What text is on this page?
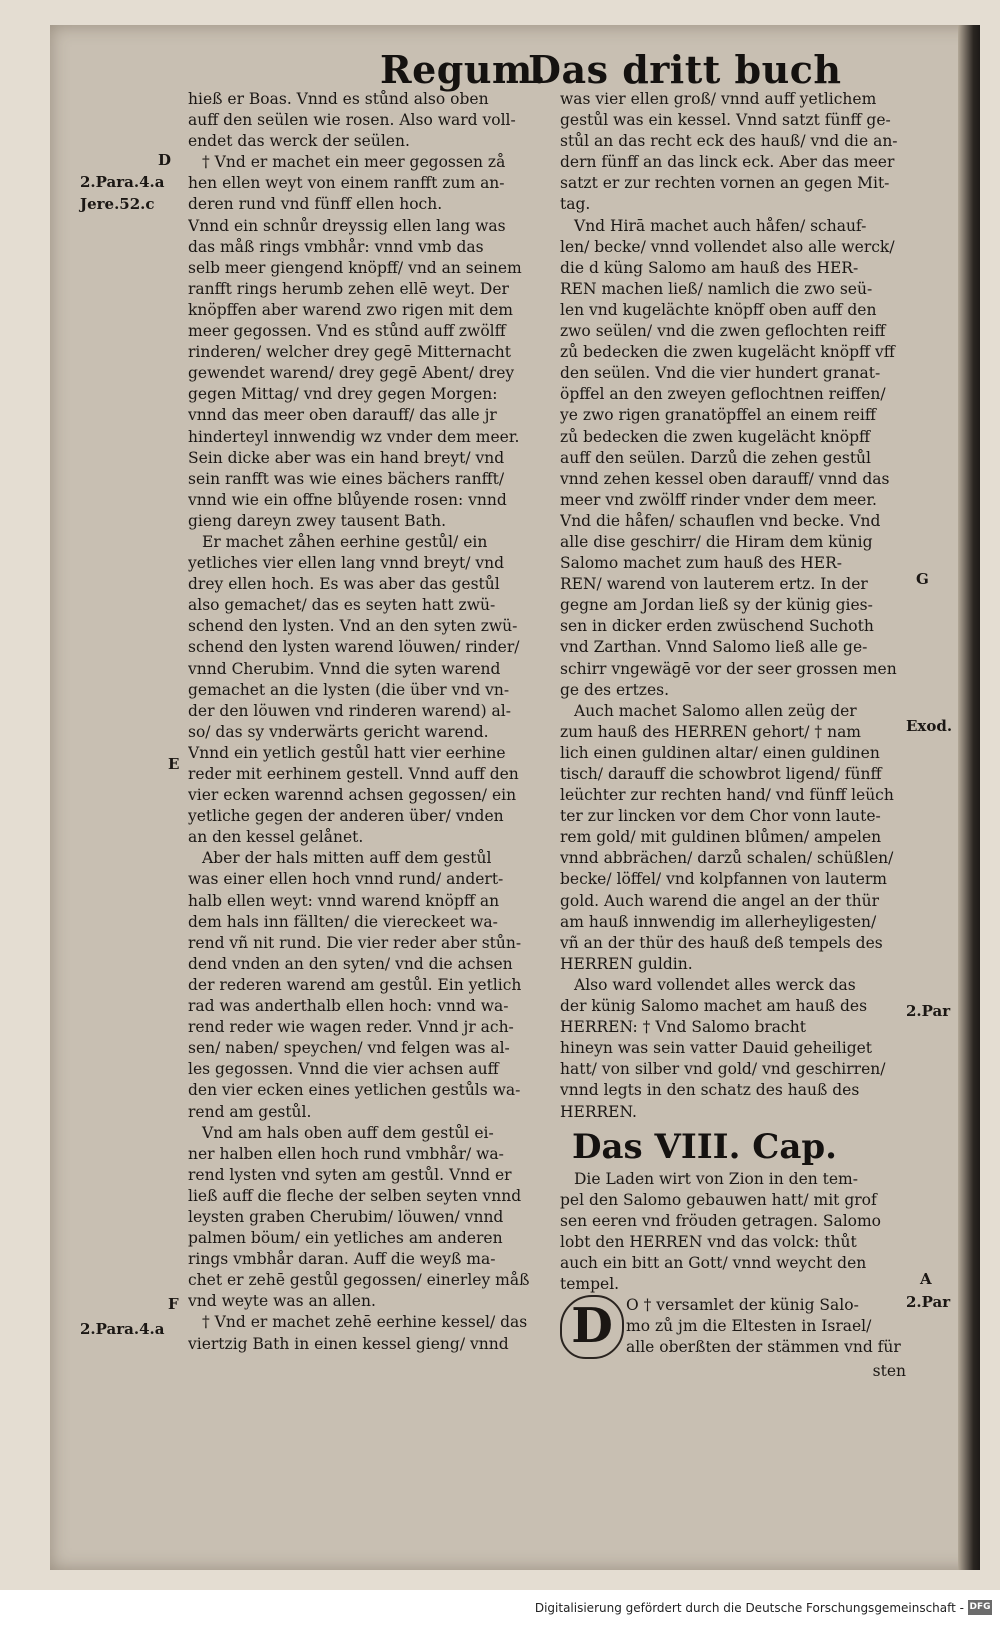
Regum.
Das dritt buch
D
2.Para.4.a
Jere.52.c
E
F
2.Para.4.a
G
Exod.
2.Par
A
2.Par
hieß er Boas. Vnnd es stůnd also oben
auff den seülen wie rosen. Also ward voll-
endet das werck der seülen.
† Vnd er machet ein meer gegossen zå
hen ellen weyt von einem ranfft zum an-
deren rund vnd fünff ellen hoch.
Vnnd ein schnůr dreyssig ellen lang was
das måß rings vmbhår: vnnd vmb das
selb meer giengend knöpff/ vnd an seinem
ranfft rings herumb zehen ellē weyt. Der
knöpffen aber warend zwo rigen mit dem
meer gegossen. Vnd es stůnd auff zwölff
rinderen/ welcher drey gegē Mitternacht
gewendet warend/ drey gegē Abent/ drey
gegen Mittag/ vnd drey gegen Morgen:
vnnd das meer oben darauff/ das alle jr
hinderteyl innwendig wz vnder dem meer.
Sein dicke aber was ein hand breyt/ vnd
sein ranfft was wie eines bächers ranfft/
vnnd wie ein offne blůyende rosen: vnnd
gieng dareyn zwey tausent Bath.
Er machet zåhen eerhine gestůl/ ein
yetliches vier ellen lang vnnd breyt/ vnd
drey ellen hoch. Es was aber das gestůl
also gemachet/ das es seyten hatt zwü-
schend den lysten. Vnd an den syten zwü-
schend den lysten warend löuwen/ rinder/
vnnd Cherubim. Vnnd die syten warend
gemachet an die lysten (die über vnd vn-
der den löuwen vnd rinderen warend) al-
so/ das sy vnderwärts gericht warend.
Vnnd ein yetlich gestůl hatt vier eerhine
reder mit eerhinem gestell. Vnnd auff den
vier ecken warennd achsen gegossen/ ein
yetliche gegen der anderen über/ vnden
an den kessel gelånet.
Aber der hals mitten auff dem gestůl
was einer ellen hoch vnnd rund/ andert-
halb ellen weyt: vnnd warend knöpff an
dem hals inn fällten/ die viereckeet wa-
rend vñ nit rund. Die vier reder aber stůn-
dend vnden an den syten/ vnd die achsen
der rederen warend am gestůl. Ein yetlich
rad was anderthalb ellen hoch: vnnd wa-
rend reder wie wagen reder. Vnnd jr ach-
sen/ naben/ speychen/ vnd felgen was al-
les gegossen. Vnnd die vier achsen auff
den vier ecken eines yetlichen gestůls wa-
rend am gestůl.
Vnd am hals oben auff dem gestůl ei-
ner halben ellen hoch rund vmbhår/ wa-
rend lysten vnd syten am gestůl. Vnnd er
ließ auff die fleche der selben seyten vnnd
leysten graben Cherubim/ löuwen/ vnnd
palmen böum/ ein yetliches am anderen
rings vmbhår daran. Auff die weyß ma-
chet er zehē gestůl gegossen/ einerley måß
vnd weyte was an allen.
† Vnd er machet zehē eerhine kessel/ das
viertzig Bath in einen kessel gieng/ vnnd
was vier ellen groß/ vnnd auff yetlichem
gestůl was ein kessel. Vnnd satzt fünff ge-
stůl an das recht eck des hauß/ vnd die an-
dern fünff an das linck eck. Aber das meer
satzt er zur rechten vornen an gegen Mit-
tag.
Vnd Hirā machet auch håfen/ schauf-
len/ becke/ vnnd vollendet also alle werck/
die d küng Salomo am hauß des HER-
REN machen ließ/ namlich die zwo seü-
len vnd kugelächte knöpff oben auff den
zwo seülen/ vnd die zwen geflochten reiff
zů bedecken die zwen kugelächt knöpff vff
den seülen. Vnd die vier hundert granat-
öpffel an den zweyen geflochtnen reiffen/
ye zwo rigen granatöpffel an einem reiff
zů bedecken die zwen kugelächt knöpff
auff den seülen. Darzů die zehen gestůl
vnnd zehen kessel oben darauff/ vnnd das
meer vnd zwölff rinder vnder dem meer.
Vnd die håfen/ schauflen vnd becke. Vnd
alle dise geschirr/ die Hiram dem künig
Salomo machet zum hauß des HER-
REN/ warend von lauterem ertz. In der
gegne am Jordan ließ sy der künig gies-
sen in dicker erden zwüschend Suchoth
vnd Zarthan. Vnnd Salomo ließ alle ge-
schirr vngewägē vor der seer grossen men
ge des ertzes.
Auch machet Salomo allen zeüg der
zum hauß des HERREN gehort/ † nam
lich einen guldinen altar/ einen guldinen
tisch/ darauff die schowbrot ligend/ fünff
leüchter zur rechten hand/ vnd fünff leüch
ter zur lincken vor dem Chor vonn laute-
rem gold/ mit guldinen blůmen/ ampelen
vnnd abbrächen/ darzů schalen/ schüßlen/
becke/ löffel/ vnd kolpfannen von lauterm
gold. Auch warend die angel an der thür
am hauß innwendig im allerheyligesten/
vñ an der thür des hauß deß tempels des
HERREN guldin.
Also ward vollendet alles werck das
der künig Salomo machet am hauß des
HERREN: † Vnd Salomo bracht
hineyn was sein vatter Dauid geheiliget
hatt/ von silber vnd gold/ vnd geschirren/
vnnd legts in den schatz des hauß des
HERREN.
Das VIII. Cap.
Die Laden wirt von Zion in den tem-
pel den Salomo gebauwen hatt/ mit grof
sen eeren vnd fröuden getragen. Salomo
lobt den HERREN vnd das volck: thůt
auch ein bitt an Gott/ vnnd weycht den
tempel.
D O † versamlet der künig Salo-
mo zů jm die Eltesten in Israel/
alle oberßten der stämmen vnd für
sten
Digitalisierung gefördert durch die Deutsche Forschungsgemeinschaft - DFG
